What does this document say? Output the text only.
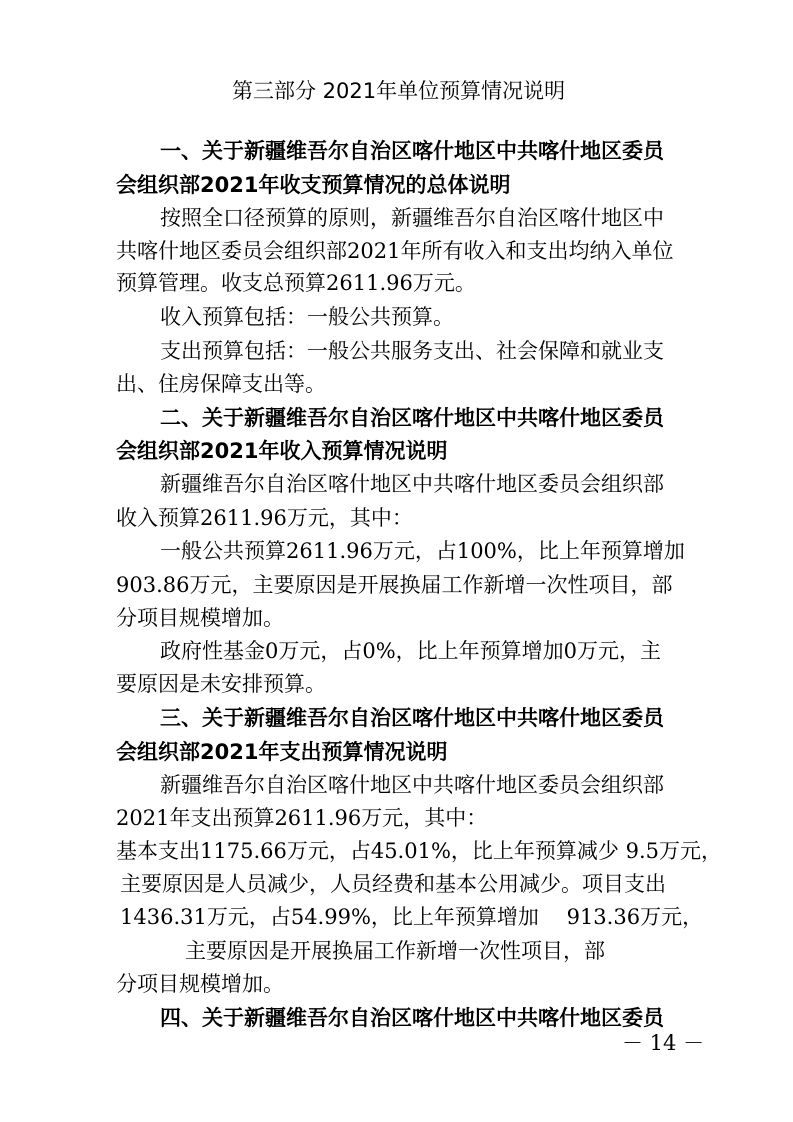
第三部分 2021年单位预算情况说明
一、关于新疆维吾尔自治区喀什地区中共喀什地区委员
会组织部2021年收支预算情况的总体说明
按照全口径预算的原则，新疆维吾尔自治区喀什地区中
共喀什地区委员会组织部2021年所有收入和支出均纳入单位
预算管理。收支总预算2611.96万元。
收入预算包括：一般公共预算。
支出预算包括：一般公共服务支出、社会保障和就业支
出、住房保障支出等。
二、关于新疆维吾尔自治区喀什地区中共喀什地区委员
会组织部2021年收入预算情况说明
新疆维吾尔自治区喀什地区中共喀什地区委员会组织部
收入预算2611.96万元，其中：
一般公共预算2611.96万元，占100%，比上年预算增加
903.86万元，主要原因是开展换届工作新增一次性项目，部
分项目规模增加。
政府性基金0万元，占0%，比上年预算增加0万元，主
要原因是未安排预算。
三、关于新疆维吾尔自治区喀什地区中共喀什地区委员
会组织部2021年支出预算情况说明
新疆维吾尔自治区喀什地区中共喀什地区委员会组织部
2021年支出预算2611.96万元，其中：
基本支出1175.66万元，占45.01%，比上年预算减少 9.5万元，
主要原因是人员减少，人员经费和基本公用减少。项目支出
1436.31万元，占54.99%，比上年预算增加　 913.36万元，
主要原因是开展换届工作新增一次性项目，部
分项目规模增加。
四、关于新疆维吾尔自治区喀什地区中共喀什地区委员
－ 14 －
